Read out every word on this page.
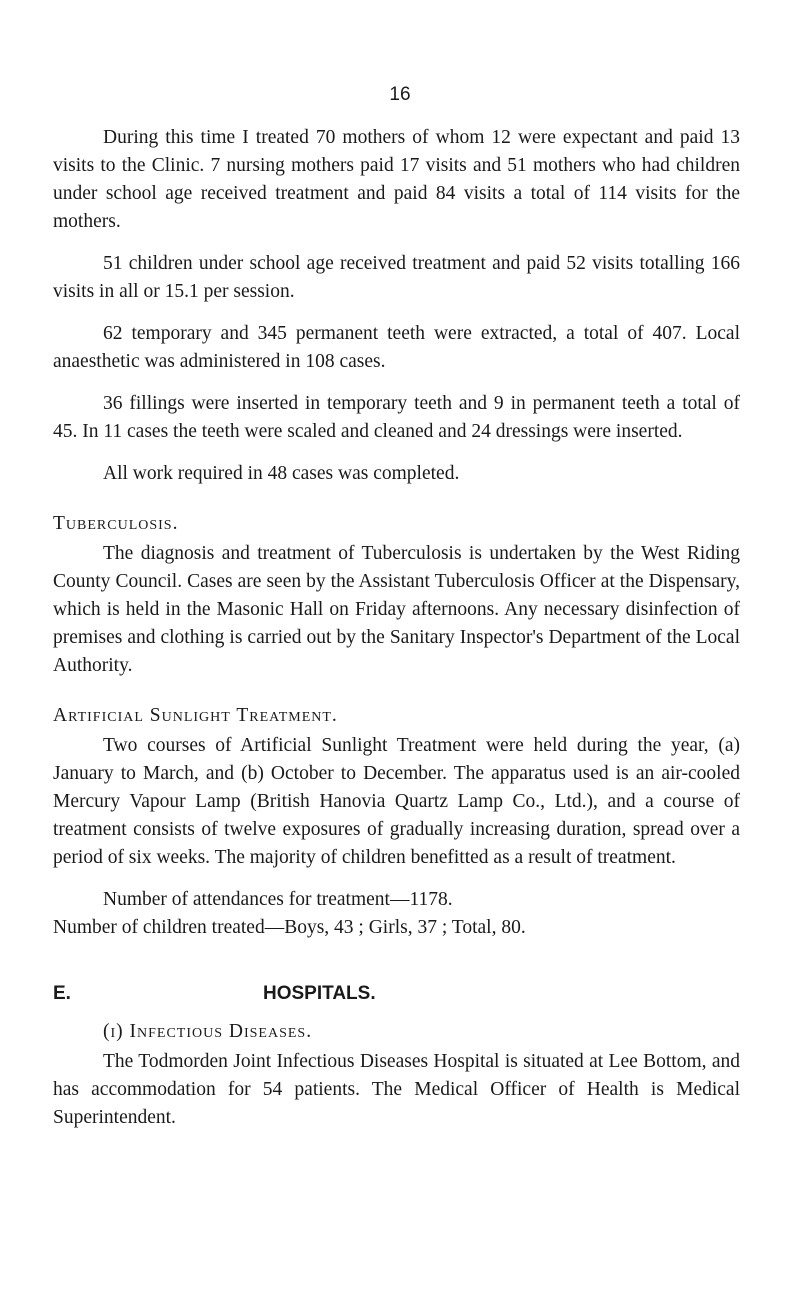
16

During this time I treated 70 mothers of whom 12 were expectant and paid 13 visits to the Clinic. 7 nursing mothers paid 17 visits and 51 mothers who had children under school age received treatment and paid 84 visits a total of 114 visits for the mothers.

51 children under school age received treatment and paid 52 visits totalling 166 visits in all or 15.1 per session.

62 temporary and 345 permanent teeth were extracted, a total of 407. Local anaesthetic was administered in 108 cases.

36 fillings were inserted in temporary teeth and 9 in permanent teeth a total of 45. In 11 cases the teeth were scaled and cleaned and 24 dressings were inserted.

All work required in 48 cases was completed.

Tuberculosis.

The diagnosis and treatment of Tuberculosis is undertaken by the West Riding County Council. Cases are seen by the Assistant Tuberculosis Officer at the Dispensary, which is held in the Masonic Hall on Friday afternoons. Any necessary disinfection of premises and clothing is carried out by the Sanitary Inspector's Department of the Local Authority.

Artificial Sunlight Treatment.

Two courses of Artificial Sunlight Treatment were held during the year, (a) January to March, and (b) October to December. The apparatus used is an air-cooled Mercury Vapour Lamp (British Hanovia Quartz Lamp Co., Ltd.), and a course of treatment consists of twelve exposures of gradually increasing duration, spread over a period of six weeks. The majority of children benefitted as a result of treatment.

Number of attendances for treatment—1178.

Number of children treated—Boys, 43 ; Girls, 37 ; Total, 80.

E.	HOSPITALS.

(i) Infectious Diseases.

The Todmorden Joint Infectious Diseases Hospital is situated at Lee Bottom, and has accommodation for 54 patients. The Medical Officer of Health is Medical Superintendent.
